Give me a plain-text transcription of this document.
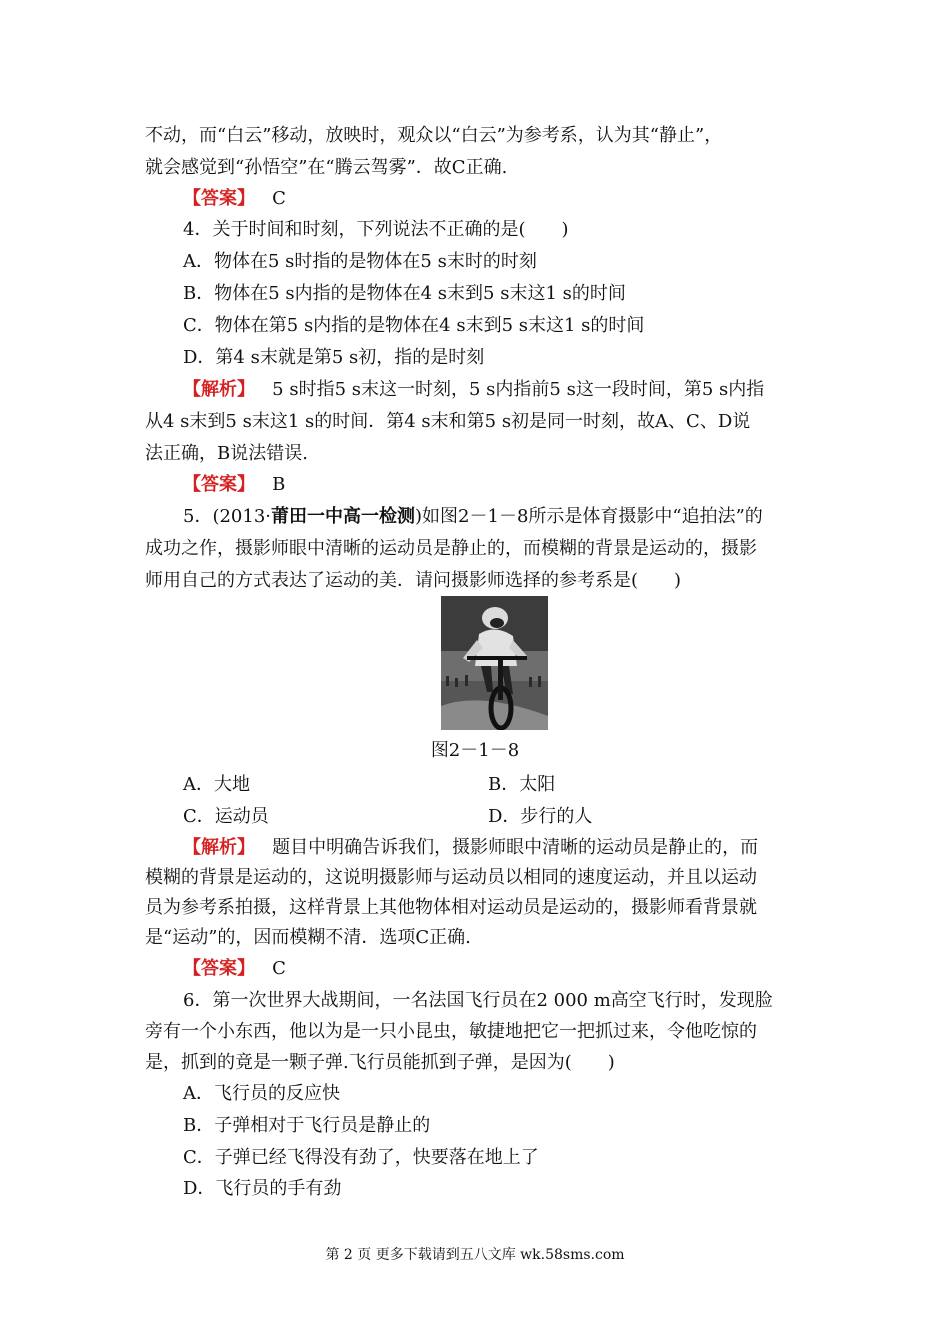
不动，而“白云”移动，放映时，观众以“白云”为参考系，认为其“静止”，
就会感觉到“孙悟空”在“腾云驾雾”．故C正确.
【答案】 C
4．关于时间和时刻，下列说法不正确的是(　　)
A．物体在5 s时指的是物体在5 s末时的时刻
B．物体在5 s内指的是物体在4 s末到5 s末这1 s的时间
C．物体在第5 s内指的是物体在4 s末到5 s末这1 s的时间
D．第4 s末就是第5 s初，指的是时刻
【解析】 5 s时指5 s末这一时刻，5 s内指前5 s这一段时间，第5 s内指
从4 s末到5 s末这1 s的时间．第4 s末和第5 s初是同一时刻，故A、C、D说
法正确，B说法错误.
【答案】 B
5．(2013·莆田一中高一检测)如图2－1－8所示是体育摄影中“追拍法”的
成功之作，摄影师眼中清晰的运动员是静止的，而模糊的背景是运动的，摄影
师用自己的方式表达了运动的美．请问摄影师选择的参考系是(　　)
图2－1－8
A．大地	B．太阳
C．运动员	D．步行的人
【解析】 题目中明确告诉我们，摄影师眼中清晰的运动员是静止的，而
模糊的背景是运动的，这说明摄影师与运动员以相同的速度运动，并且以运动
员为参考系拍摄，这样背景上其他物体相对运动员是运动的，摄影师看背景就
是“运动”的，因而模糊不清．选项C正确.
【答案】 C
6．第一次世界大战期间，一名法国飞行员在2 000 m高空飞行时，发现脸
旁有一个小东西，他以为是一只小昆虫，敏捷地把它一把抓过来，令他吃惊的
是，抓到的竟是一颗子弹.飞行员能抓到子弹，是因为(　　)
A．飞行员的反应快
B．子弹相对于飞行员是静止的
C．子弹已经飞得没有劲了，快要落在地上了
D．飞行员的手有劲
第 2 页 更多下载请到五八文库 wk.58sms.com
